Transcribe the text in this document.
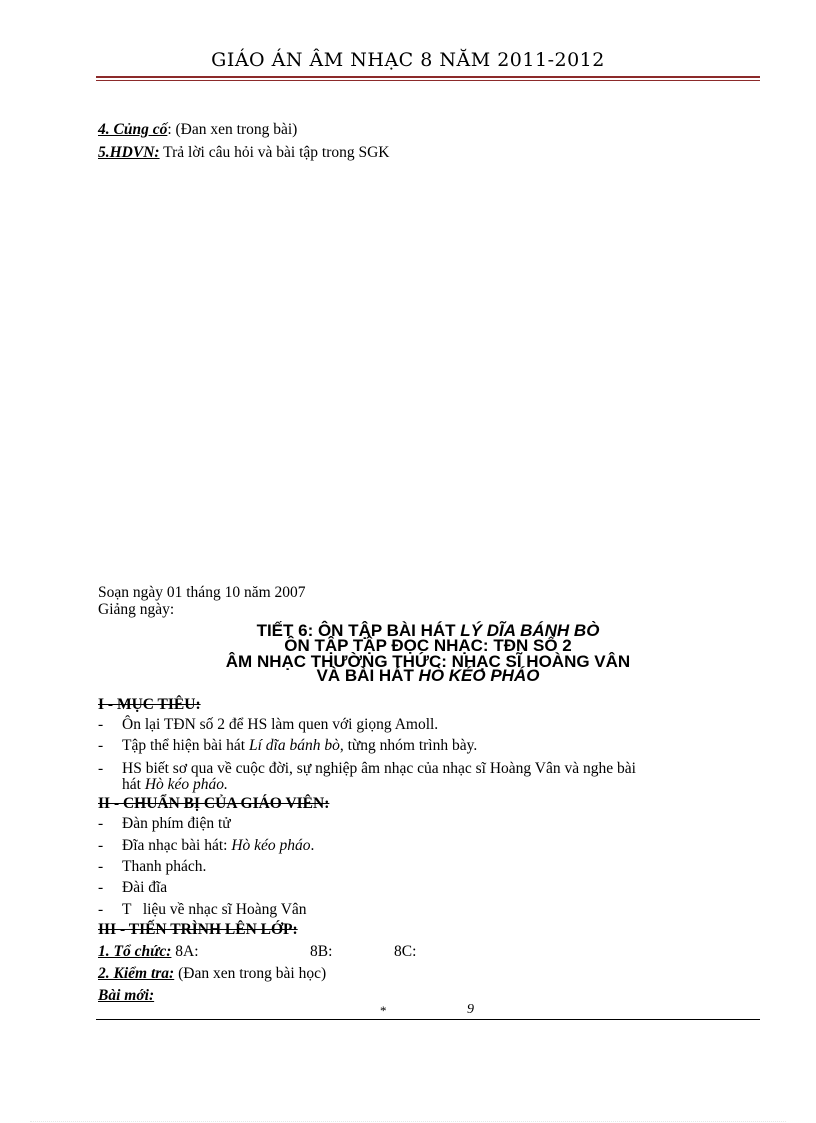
GIÁO ÁN ÂM NHẠC 8 NĂM 2011-2012
4. Củng cố: (Đan xen trong bài)
5.HDVN: Trả lời câu hỏi và bài tập trong SGK
Soạn ngày 01 tháng 10 năm 2007
Giảng ngày:
TIẾT 6: ÔN TẬP BÀI HÁT LÝ DĨA BÁNH BÒ
ÔN TẬP TẬP ĐỌC NHẠC: TĐN SỐ 2
ÂM NHẠC THƯỜNG THỨC: NHẠC SĨ HOÀNG VÂN
VÀ BÀI HÁT HÒ KÉO PHÁO
I - MỤC TIÊU:
- Ôn lại TĐN số 2 để HS làm quen với giọng Amoll.
- Tập thể hiện bài hát Lí dĩa bánh bò, từng nhóm trình bày.
- HS biết sơ qua về cuộc đời, sự nghiệp âm nhạc của nhạc sĩ Hoàng Vân và nghe bài
hát Hò kéo pháo.
II - CHUẨN BỊ CỦA GIÁO VIÊN:
- Đàn phím điện tử
- Đĩa nhạc bài hát: Hò kéo pháo.
- Thanh phách.
- Đài đĩa
- T   liệu về nhạc sĩ Hoàng Vân
III - TIẾN TRÌNH LÊN LỚP:
1. Tổ chức: 8A:	8B:	8C:
2. Kiểm tra: (Đan xen trong bài học)
Bài mới:
*	9
